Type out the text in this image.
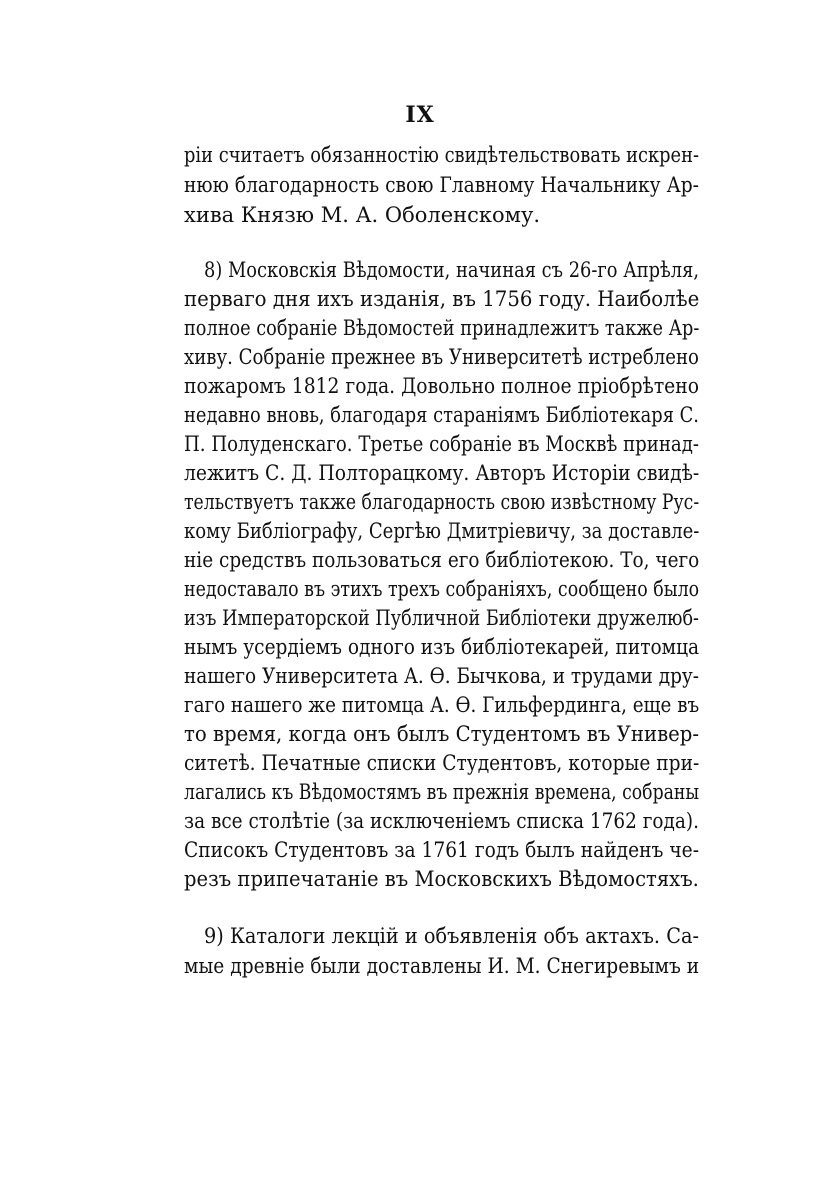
IX
рiи считаетъ обязанностiю свидѣтельствовать искрен-
нюю благодарность свою Главному Начальнику Ар-
хива Князю М. А. Оболенскому.
8) Московскiя Вѣдомости, начиная съ 26-го Апрѣля,
перваго дня ихъ изданiя, въ 1756 году. Наиболѣе
полное собранiе Вѣдомостей принадлежитъ также Ар-
хиву. Собранiе прежнее въ Университетѣ истреблено
пожаромъ 1812 года. Довольно полное прiобрѣтено
недавно вновь, благодаря старанiямъ Библiотекаря С.
П. Полуденскаго. Третье собранiе въ Москвѣ принад-
лежитъ С. Д. Полторацкому. Авторъ Исторiи свидѣ-
тельствуетъ также благодарность свою извѣстному Рус-
кому Библiографу, Сергѣю Дмитрiевичу, за доставле-
нiе средствъ пользоваться его библiотекою. То, чего
недоставало въ этихъ трехъ собранiяхъ, сообщено было
изъ Императорской Публичной Библiотеки дружелюб-
нымъ усердiемъ одного изъ библiотекарей, питомца
нашего Университета А. Ѳ. Бычкова, и трудами дру-
гаго нашего же питомца А. Ѳ. Гильфердинга, еще въ
то время, когда онъ былъ Студентомъ въ Универ-
ситетѣ. Печатные списки Студентовъ, которые при-
лагались къ Вѣдомостямъ въ прежнiя времена, собраны
за все столѣтiе (за исключенiемъ списка 1762 года).
Списокъ Студентовъ за 1761 годъ былъ найденъ че-
резъ припечатанiе въ Московскихъ Вѣдомостяхъ.
9) Каталоги лекцiй и объявленiя объ актахъ. Са-
мые древнiе были доставлены И. М. Снегиревымъ и
